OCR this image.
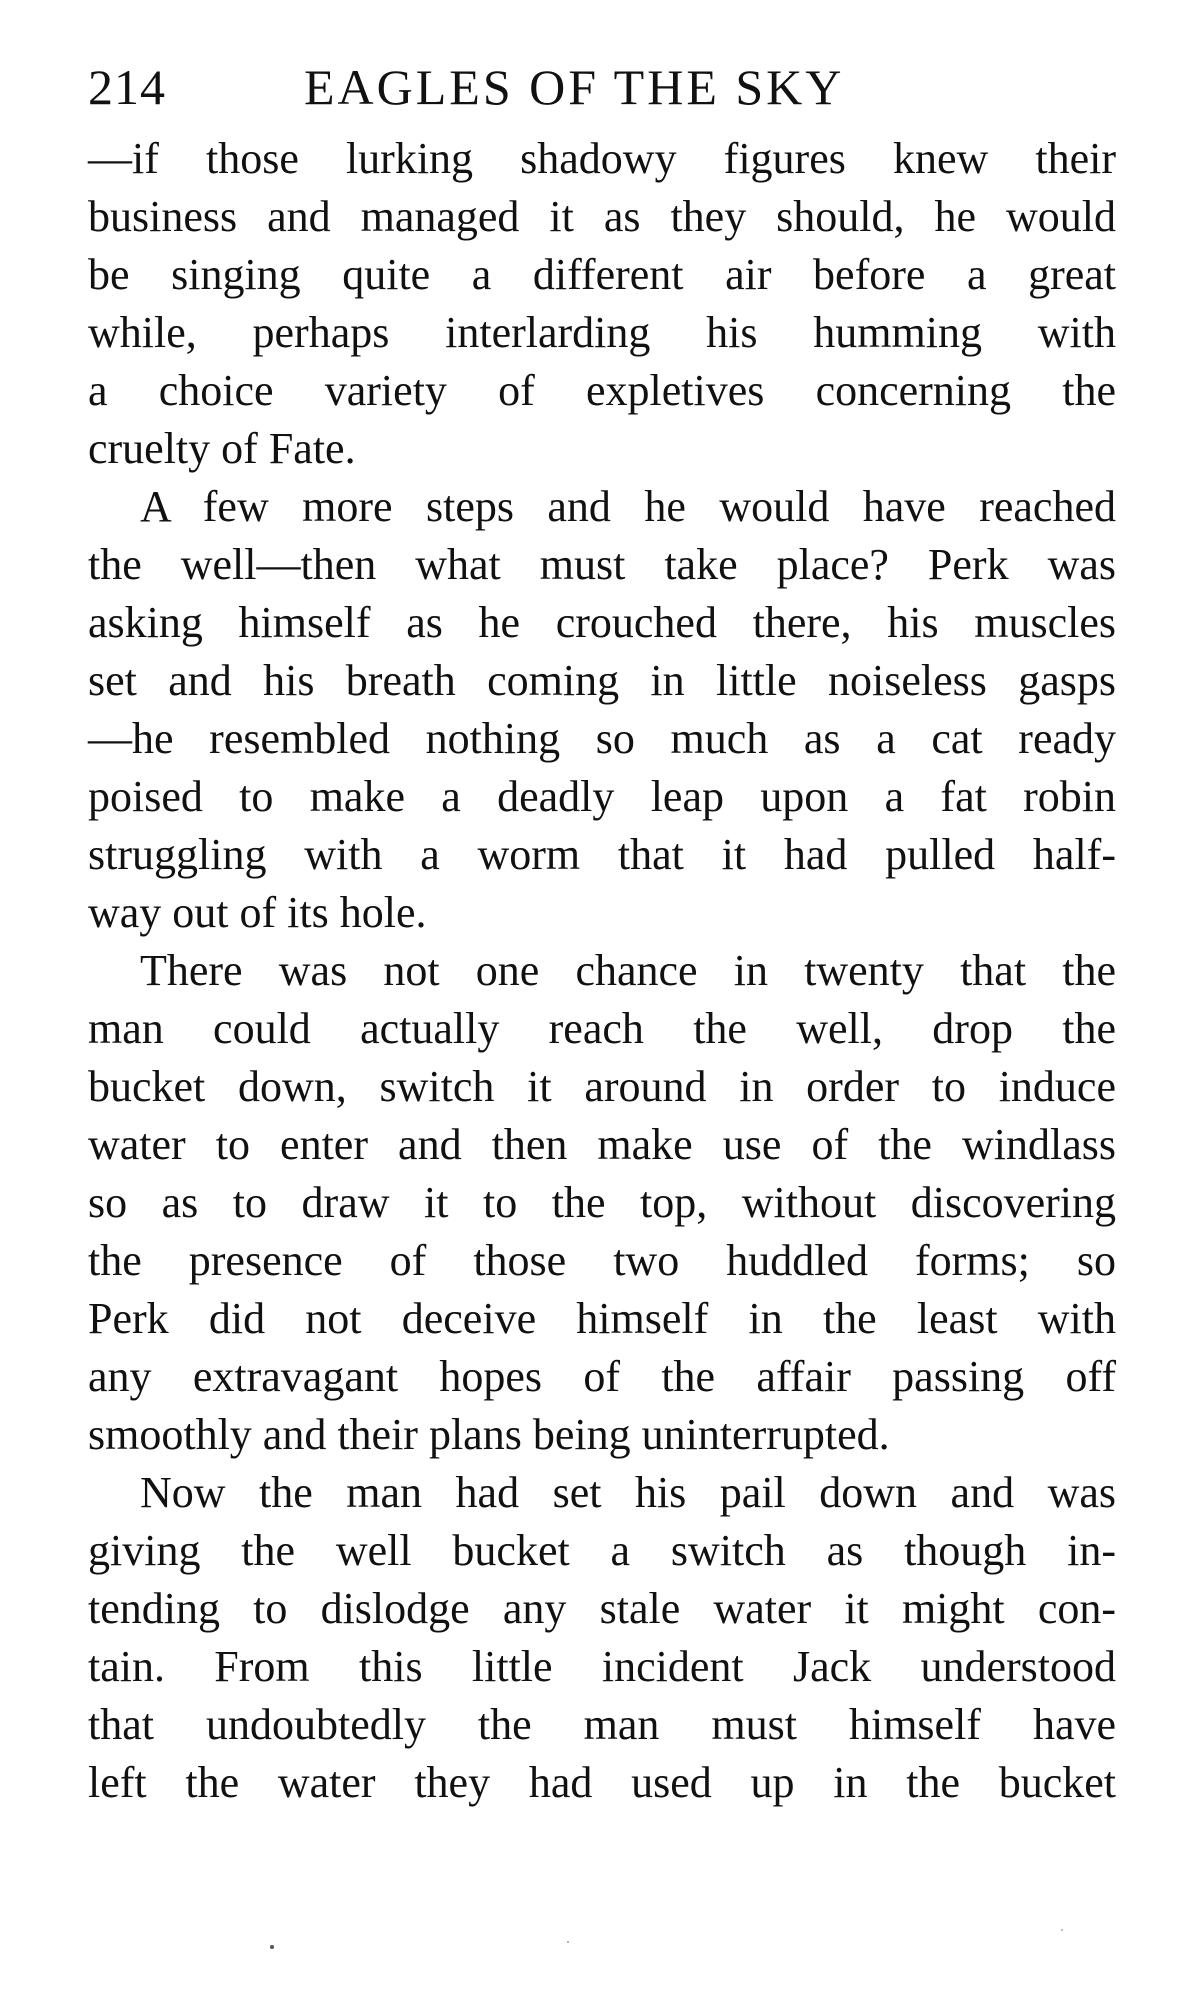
214	EAGLES OF THE SKY
—if those lurking shadowy figures knew their
business and managed it as they should, he would
be singing quite a different air before a great
while, perhaps interlarding his humming with
a choice variety of expletives concerning the
cruelty of Fate.
A few more steps and he would have reached
the well—then what must take place? Perk was
asking himself as he crouched there, his muscles
set and his breath coming in little noiseless gasps
—he resembled nothing so much as a cat ready
poised to make a deadly leap upon a fat robin
struggling with a worm that it had pulled half-
way out of its hole.
There was not one chance in twenty that the
man could actually reach the well, drop the
bucket down, switch it around in order to induce
water to enter and then make use of the windlass
so as to draw it to the top, without discovering
the presence of those two huddled forms; so
Perk did not deceive himself in the least with
any extravagant hopes of the affair passing off
smoothly and their plans being uninterrupted.
Now the man had set his pail down and was
giving the well bucket a switch as though in-
tending to dislodge any stale water it might con-
tain. From this little incident Jack understood
that undoubtedly the man must himself have
left the water they had used up in the bucket
